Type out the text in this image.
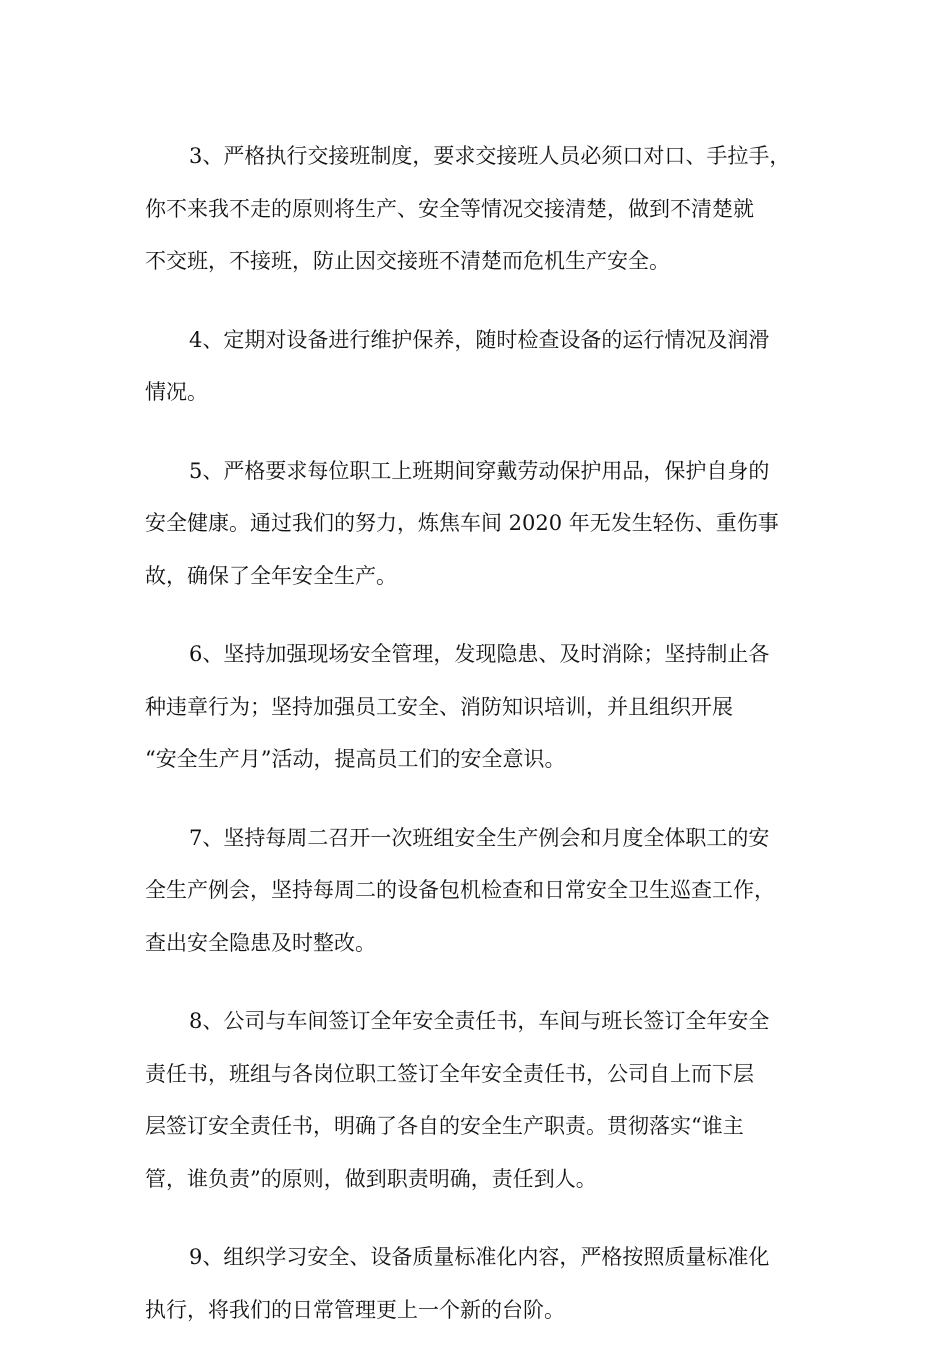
3、严格执行交接班制度，要求交接班人员必须口对口、手拉手，
你不来我不走的原则将生产、安全等情况交接清楚，做到不清楚就
不交班，不接班，防止因交接班不清楚而危机生产安全。
4、定期对设备进行维护保养，随时检查设备的运行情况及润滑
情况。
5、严格要求每位职工上班期间穿戴劳动保护用品，保护自身的
安全健康。通过我们的努力，炼焦车间 2020 年无发生轻伤、重伤事
故，确保了全年安全生产。
6、坚持加强现场安全管理，发现隐患、及时消除；坚持制止各
种违章行为；坚持加强员工安全、消防知识培训，并且组织开展
“安全生产月”活动，提高员工们的安全意识。
7、坚持每周二召开一次班组安全生产例会和月度全体职工的安
全生产例会，坚持每周二的设备包机检查和日常安全卫生巡查工作，
查出安全隐患及时整改。
8、公司与车间签订全年安全责任书，车间与班长签订全年安全
责任书，班组与各岗位职工签订全年安全责任书，公司自上而下层
层签订安全责任书，明确了各自的安全生产职责。贯彻落实“谁主
管，谁负责”的原则，做到职责明确，责任到人。
9、组织学习安全、设备质量标准化内容，严格按照质量标准化
执行，将我们的日常管理更上一个新的台阶。
